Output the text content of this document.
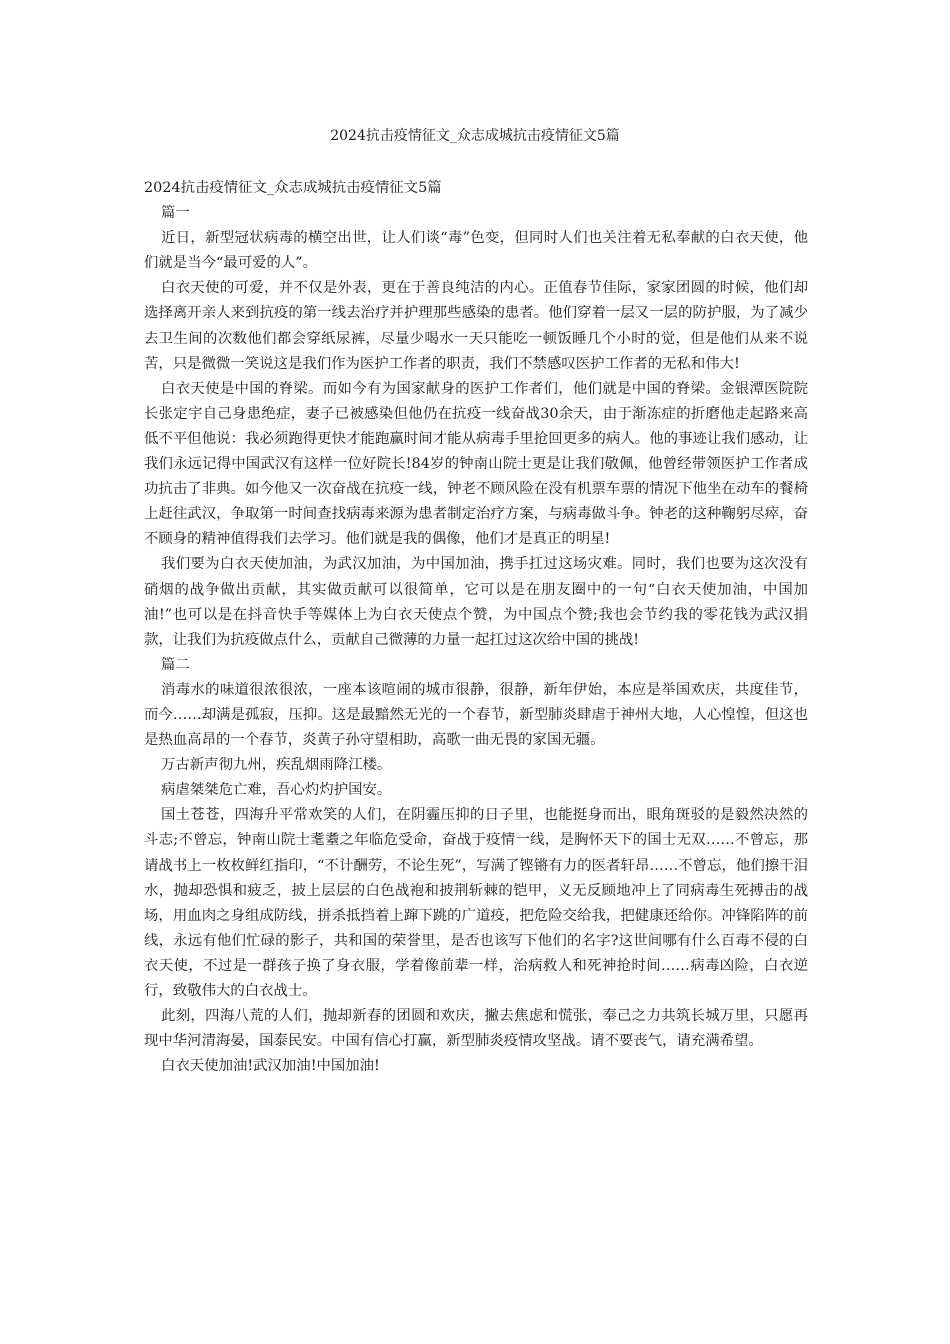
2024抗击疫情征文_众志成城抗击疫情征文5篇

2024抗击疫情征文_众志成城抗击疫情征文5篇

篇一

近日，新型冠状病毒的横空出世，让人们谈“毒”色变，但同时人们也关注着无私奉献的白衣天使，他们就是当今“最可爱的人”。

白衣天使的可爱，并不仅是外表，更在于善良纯洁的内心。正值春节佳际，家家团圆的时候，他们却选择离开亲人来到抗疫的第一线去治疗并护理那些感染的患者。他们穿着一层又一层的防护服，为了减少去卫生间的次数他们都会穿纸尿裤，尽量少喝水一天只能吃一顿饭睡几个小时的觉，但是他们从来不说苦，只是微微一笑说这是我们作为医护工作者的职责，我们不禁感叹医护工作者的无私和伟大!

白衣天使是中国的脊梁。而如今有为国家献身的医护工作者们，他们就是中国的脊梁。金银潭医院院长张定宇自己身患绝症，妻子已被感染但他仍在抗疫一线奋战30余天，由于渐冻症的折磨他走起路来高低不平但他说：我必须跑得更快才能跑赢时间才能从病毒手里抢回更多的病人。他的事迹让我们感动，让我们永远记得中国武汉有这样一位好院长!84岁的钟南山院士更是让我们敬佩，他曾经带领医护工作者成功抗击了非典。如今他又一次奋战在抗疫一线，钟老不顾风险在没有机票车票的情况下他坐在动车的餐椅上赶往武汉，争取第一时间查找病毒来源为患者制定治疗方案，与病毒做斗争。钟老的这种鞠躬尽瘁，奋不顾身的精神值得我们去学习。他们就是我的偶像，他们才是真正的明星!

我们要为白衣天使加油，为武汉加油，为中国加油，携手扛过这场灾难。同时，我们也要为这次没有硝烟的战争做出贡献，其实做贡献可以很简单，它可以是在朋友圈中的一句“白衣天使加油，中国加油!”也可以是在抖音快手等媒体上为白衣天使点个赞，为中国点个赞;我也会节约我的零花钱为武汉捐款，让我们为抗疫做点什么，贡献自己微薄的力量一起扛过这次给中国的挑战!

篇二

消毒水的味道很浓很浓，一座本该喧闹的城市很静，很静，新年伊始，本应是举国欢庆，共度佳节，而今……却满是孤寂，压抑。这是最黯然无光的一个春节，新型肺炎肆虐于神州大地，人心惶惶，但这也是热血高昂的一个春节，炎黄子孙守望相助，高歌一曲无畏的家国无疆。

万古新声彻九州，疾乱烟雨降江楼。

病虐桀桀危亡难，吾心灼灼护国安。

国土苍苍，四海升平常欢笑的人们，在阴霾压抑的日子里，也能挺身而出，眼角斑驳的是毅然决然的斗志;不曾忘，钟南山院士耄耋之年临危受命，奋战于疫情一线，是胸怀天下的国士无双……不曾忘，那请战书上一枚枚鲜红指印，“不计酬劳，不论生死”，写满了铿锵有力的医者轩昂……不曾忘，他们擦干泪水，抛却恐惧和疲乏，披上层层的白色战袍和披荆斩棘的铠甲，义无反顾地冲上了同病毒生死搏击的战场，用血肉之身组成防线，拼杀抵挡着上蹿下跳的广道疫，把危险交给我，把健康还给你。冲锋陷阵的前线，永远有他们忙碌的影子，共和国的荣誉里，是否也该写下他们的名字?这世间哪有什么百毒不侵的白衣天使，不过是一群孩子换了身衣服，学着像前辈一样，治病救人和死神抢时间……病毒凶险，白衣逆行，致敬伟大的白衣战士。

此刻，四海八荒的人们，抛却新春的团圆和欢庆，撇去焦虑和慌张，奉己之力共筑长城万里，只愿再现中华河清海晏，国泰民安。中国有信心打赢，新型肺炎疫情攻坚战。请不要丧气，请充满希望。

白衣天使加油!武汉加油!中国加油!
